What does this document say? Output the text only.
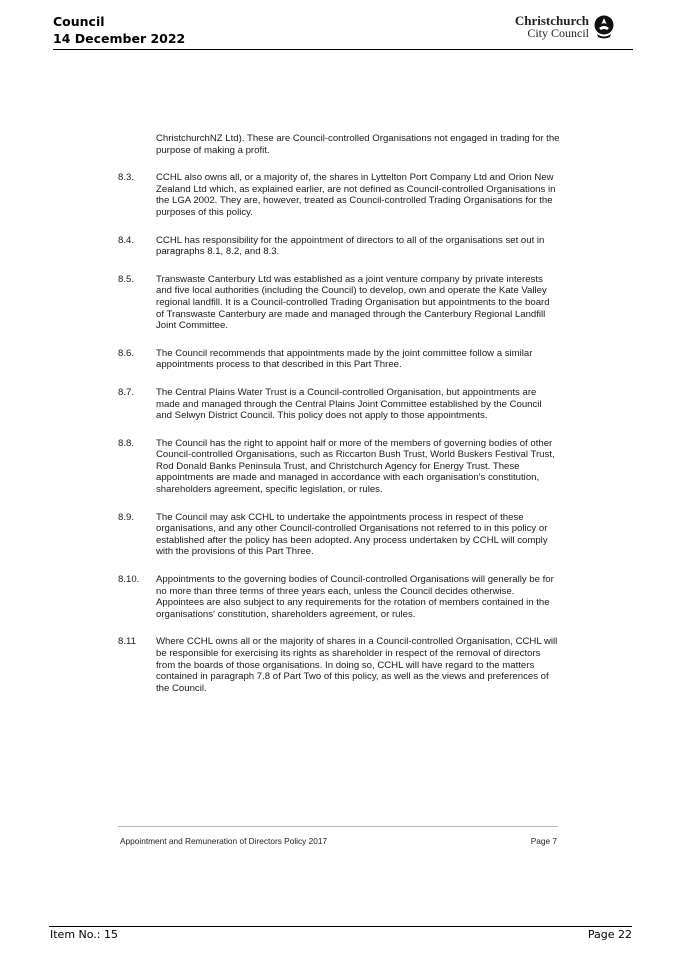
Council
14 December 2022
Christchurch
City Council

ChristchurchNZ Ltd). These are Council-controlled Organisations not engaged in trading for the purpose of making a profit.

8.3.	CCHL also owns all, or a majority of, the shares in Lyttelton Port Company Ltd and Orion New Zealand Ltd which, as explained earlier, are not defined as Council-controlled Organisations in the LGA 2002. They are, however, treated as Council-controlled Trading Organisations for the purposes of this policy.
8.4.	CCHL has responsibility for the appointment of directors to all of the organisations set out in paragraphs 8.1, 8.2, and 8.3.
8.5.	Transwaste Canterbury Ltd was established as a joint venture company by private interests and five local authorities (including the Council) to develop, own and operate the Kate Valley regional landfill. It is a Council-controlled Trading Organisation but appointments to the board of Transwaste Canterbury are made and managed through the Canterbury Regional Landfill Joint Committee.
8.6.	The Council recommends that appointments made by the joint committee follow a similar appointments process to that described in this Part Three.
8.7.	The Central Plains Water Trust is a Council-controlled Organisation, but appointments are made and managed through the Central Plains Joint Committee established by the Council and Selwyn District Council. This policy does not apply to those appointments.
8.8.	The Council has the right to appoint half or more of the members of governing bodies of other Council-controlled Organisations, such as Riccarton Bush Trust, World Buskers Festival Trust, Rod Donald Banks Peninsula Trust, and Christchurch Agency for Energy Trust. These appointments are made and managed in accordance with each organisation's constitution, shareholders agreement, specific legislation, or rules.
8.9.	The Council may ask CCHL to undertake the appointments process in respect of these organisations, and any other Council-controlled Organisations not referred to in this policy or established after the policy has been adopted. Any process undertaken by CCHL will comply with the provisions of this Part Three.
8.10.	Appointments to the governing bodies of Council-controlled Organisations will generally be for no more than three terms of three years each, unless the Council decides otherwise. Appointees are also subject to any requirements for the rotation of members contained in the organisations' constitution, shareholders agreement, or rules.
8.11	Where CCHL owns all or the majority of shares in a Council-controlled Organisation, CCHL will be responsible for exercising its rights as shareholder in respect of the removal of directors from the boards of those organisations. In doing so, CCHL will have regard to the matters contained in paragraph 7.8 of Part Two of this policy, as well as the views and preferences of the Council.
Appointment and Remuneration of Directors Policy 2017	Page 7
Item No.: 15	Page 22
